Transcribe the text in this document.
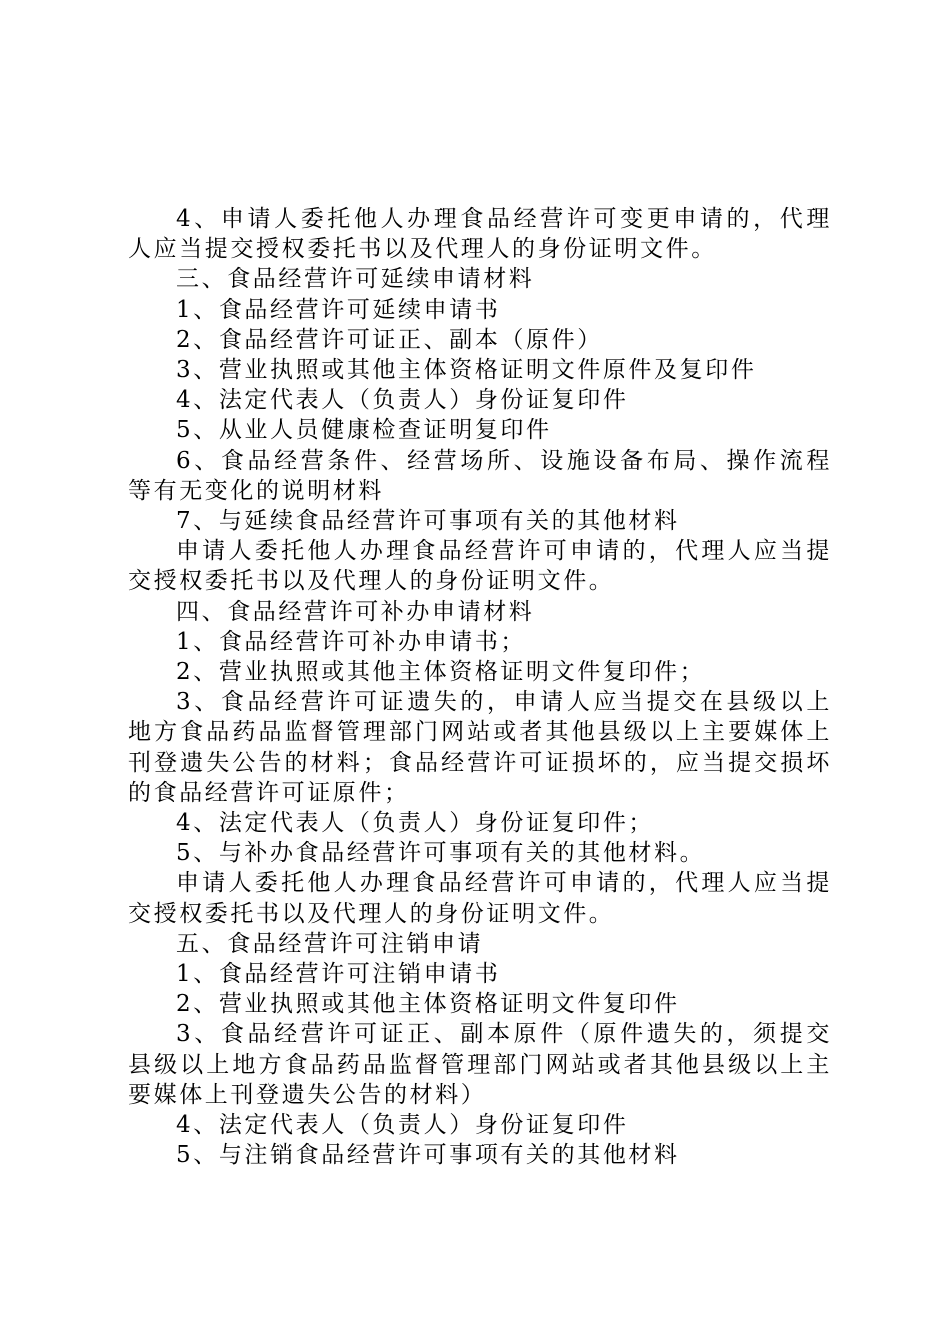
4、申请人委托他人办理食品经营许可变更申请的，代理人应当提交授权委托书以及代理人的身份证明文件。

三、食品经营许可延续申请材料

1、食品经营许可延续申请书

2、食品经营许可证正、副本（原件）

3、营业执照或其他主体资格证明文件原件及复印件

4、法定代表人（负责人）身份证复印件

5、从业人员健康检查证明复印件

6、食品经营条件、经营场所、设施设备布局、操作流程等有无变化的说明材料

7、与延续食品经营许可事项有关的其他材料

申请人委托他人办理食品经营许可申请的，代理人应当提交授权委托书以及代理人的身份证明文件。

四、食品经营许可补办申请材料

1、食品经营许可补办申请书；

2、营业执照或其他主体资格证明文件复印件；

3、食品经营许可证遗失的，申请人应当提交在县级以上地方食品药品监督管理部门网站或者其他县级以上主要媒体上刊登遗失公告的材料；食品经营许可证损坏的，应当提交损坏的食品经营许可证原件；

4、法定代表人（负责人）身份证复印件；

5、与补办食品经营许可事项有关的其他材料。

申请人委托他人办理食品经营许可申请的，代理人应当提交授权委托书以及代理人的身份证明文件。

五、食品经营许可注销申请

1、食品经营许可注销申请书

2、营业执照或其他主体资格证明文件复印件

3、食品经营许可证正、副本原件（原件遗失的，须提交县级以上地方食品药品监督管理部门网站或者其他县级以上主要媒体上刊登遗失公告的材料）

4、法定代表人（负责人）身份证复印件

5、与注销食品经营许可事项有关的其他材料
